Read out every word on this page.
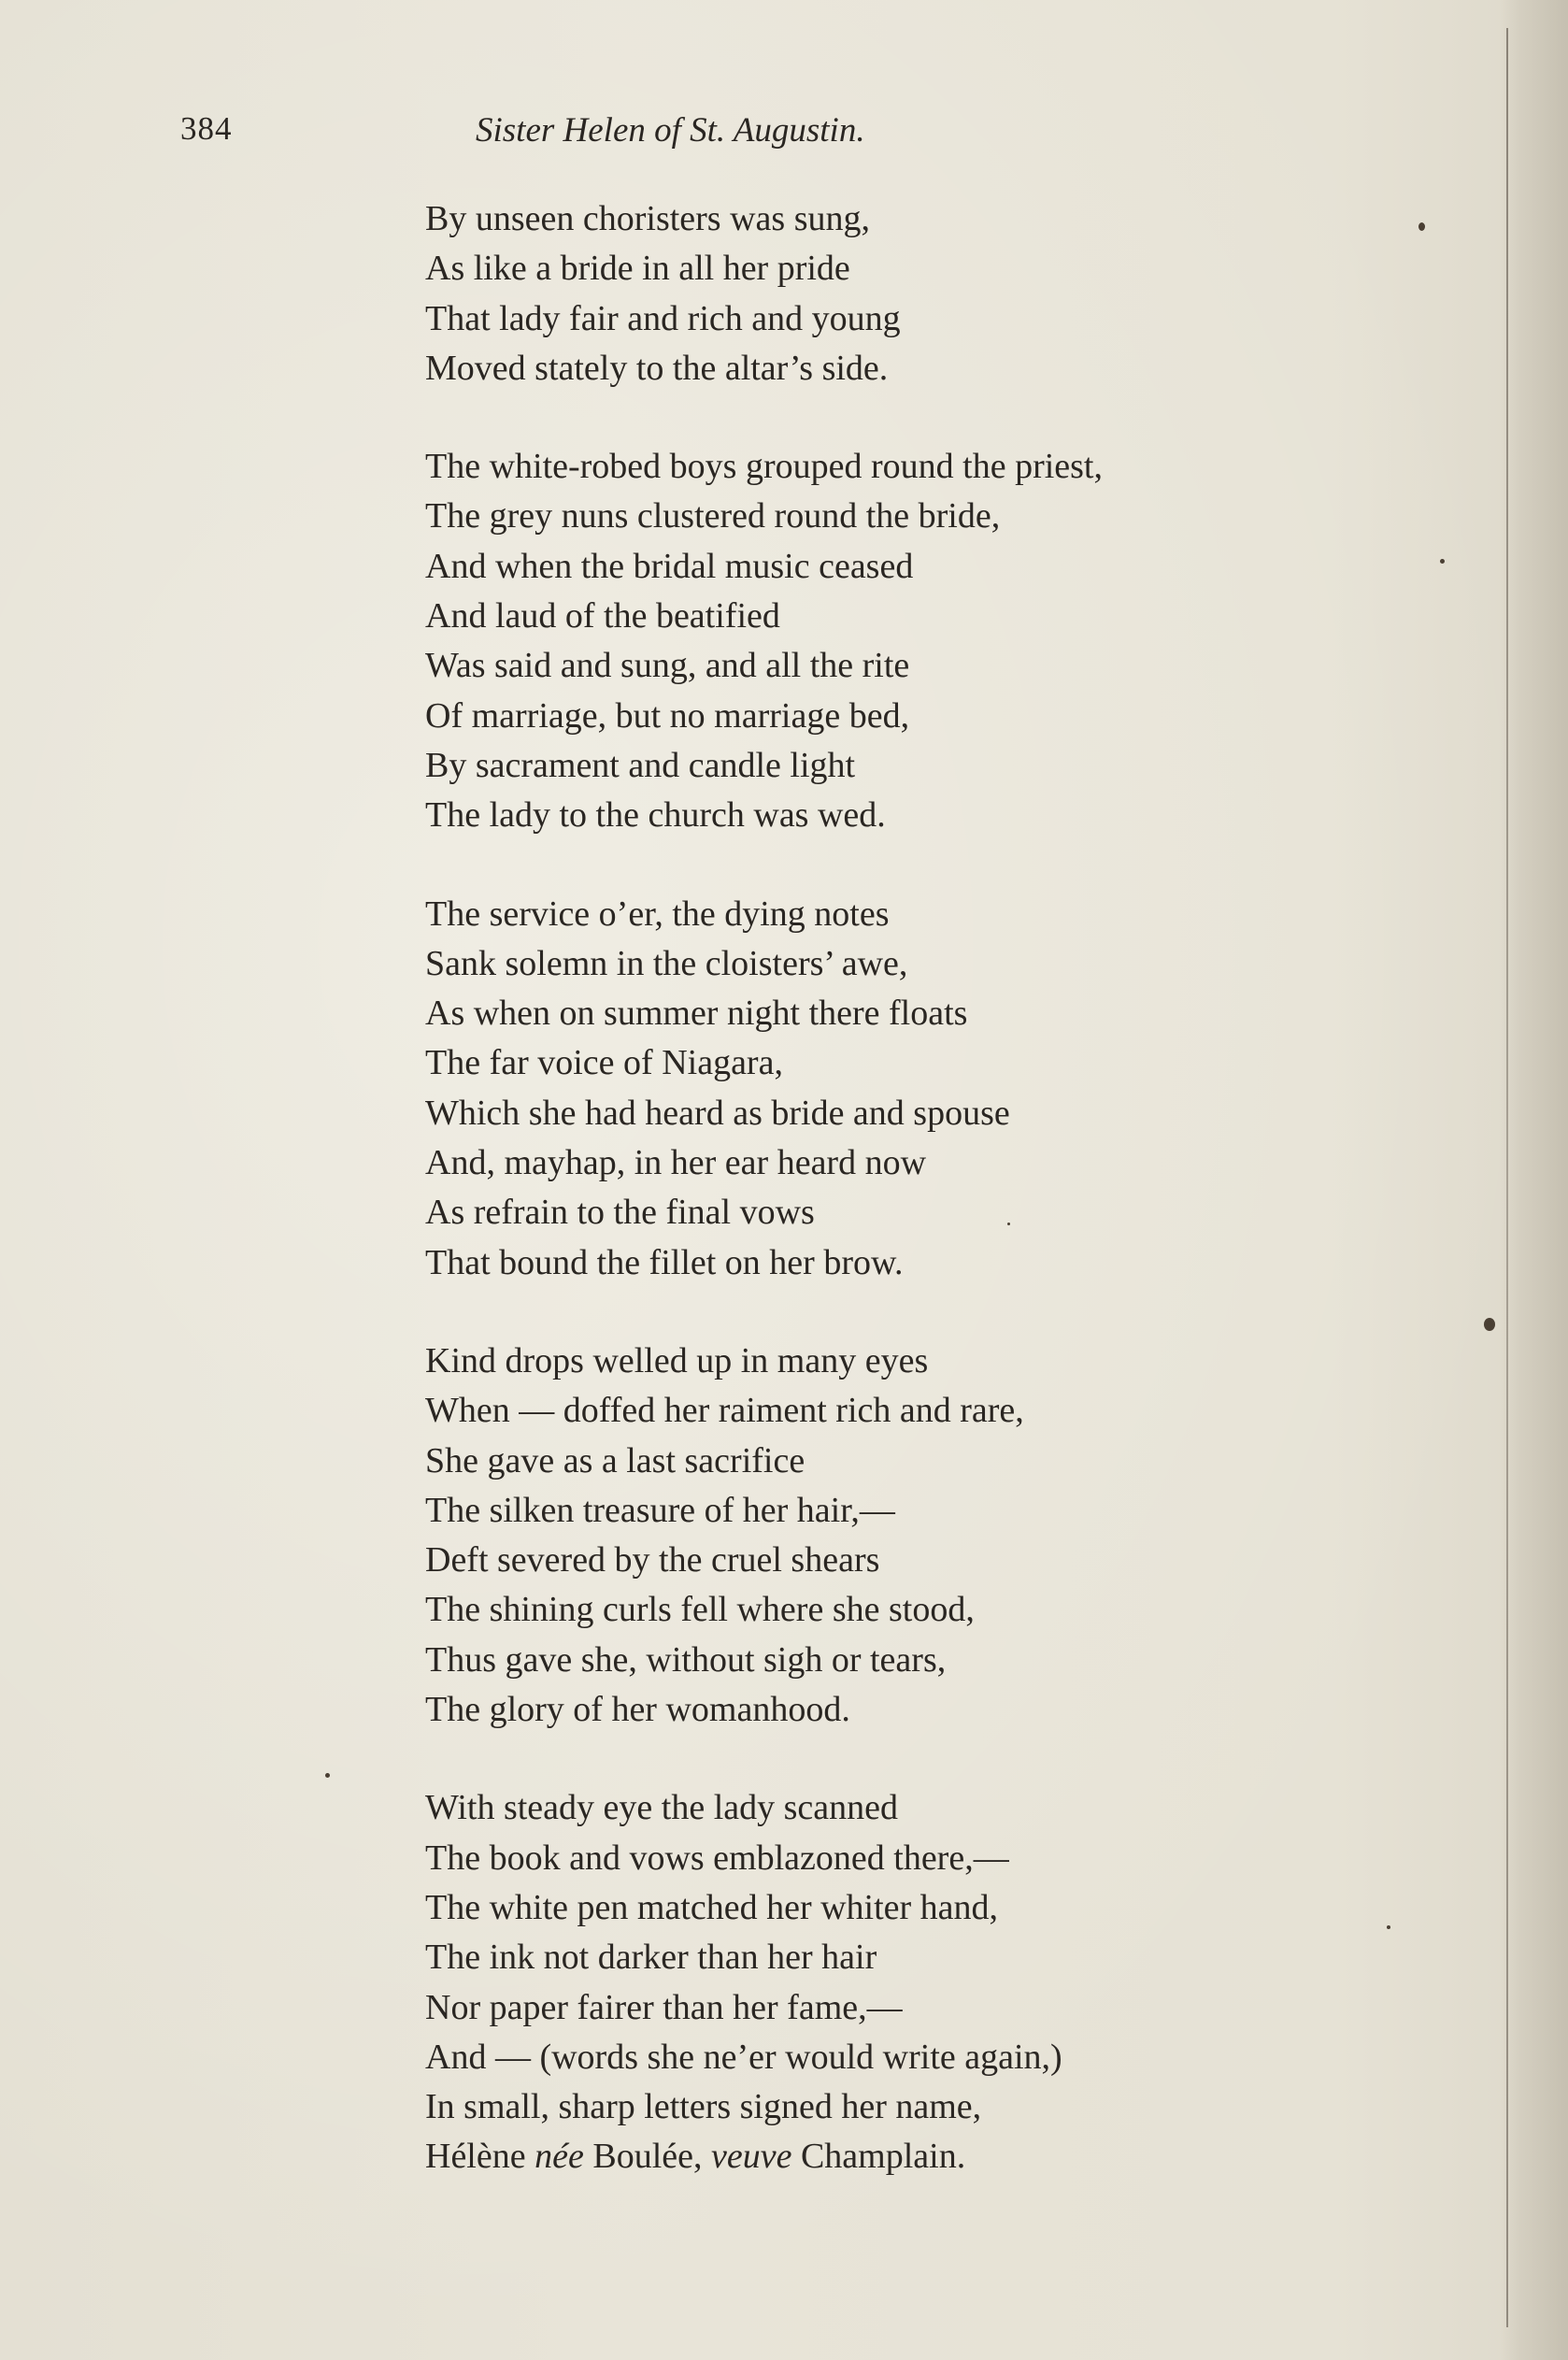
384	Sister Helen of St. Augustin.
By unseen choristers was sung,
As like a bride in all her pride
That lady fair and rich and young
Moved stately to the altar’s side.
The white-robed boys grouped round the priest,
The grey nuns clustered round the bride,
And when the bridal music ceased
And laud of the beatified
Was said and sung, and all the rite
Of marriage, but no marriage bed,
By sacrament and candle light
The lady to the church was wed.
The service o’er, the dying notes
Sank solemn in the cloisters’ awe,
As when on summer night there floats
The far voice of Niagara,
Which she had heard as bride and spouse
And, mayhap, in her ear heard now
As refrain to the final vows
That bound the fillet on her brow.
Kind drops welled up in many eyes
When — doffed her raiment rich and rare,
She gave as a last sacrifice
The silken treasure of her hair,—
Deft severed by the cruel shears
The shining curls fell where she stood,
Thus gave she, without sigh or tears,
The glory of her womanhood.
With steady eye the lady scanned
The book and vows emblazoned there,—
The white pen matched her whiter hand,
The ink not darker than her hair
Nor paper fairer than her fame,—
And — (words she ne’er would write again,)
In small, sharp letters signed her name,
Hélène née Boulée, veuve Champlain.
